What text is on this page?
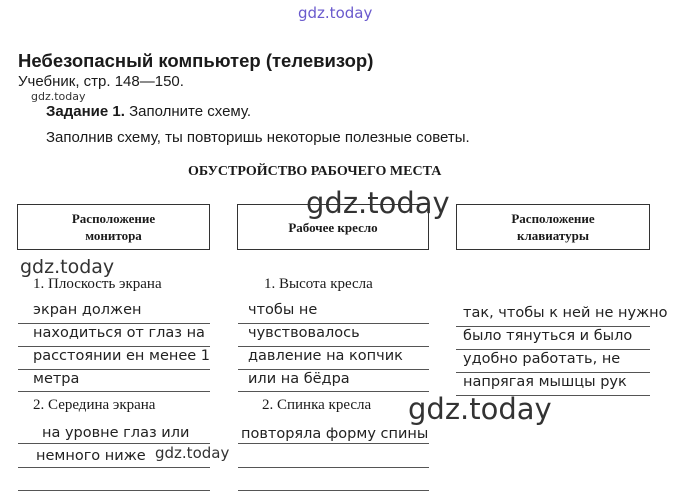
gdz.today
gdz.today
gdz.today
gdz.today
gdz.today
gdz.today
Небезопасный компьютер (телевизор)
Учебник, стр. 148—150.
Задание 1. Заполните схему.
Заполнив схему, ты повторишь некоторые полезные советы.
ОБУСТРОЙСТВО РАБОЧЕГО МЕСТА
Расположение
монитора
Рабочее кресло
Расположение
клавиатуры
1. Плоскость экрана
экран должен
находиться от глаз на
расстоянии ен менее 1
метра
2. Середина экрана
на уровне глаз или
немного ниже
1. Высота кресла
чтобы не
чувствовалось
давление на копчик
или на бёдра
2. Спинка кресла
повторяла форму спины
так, чтобы к ней не нужно
было тянуться и было
удобно работать, не
напрягая мышцы рук
